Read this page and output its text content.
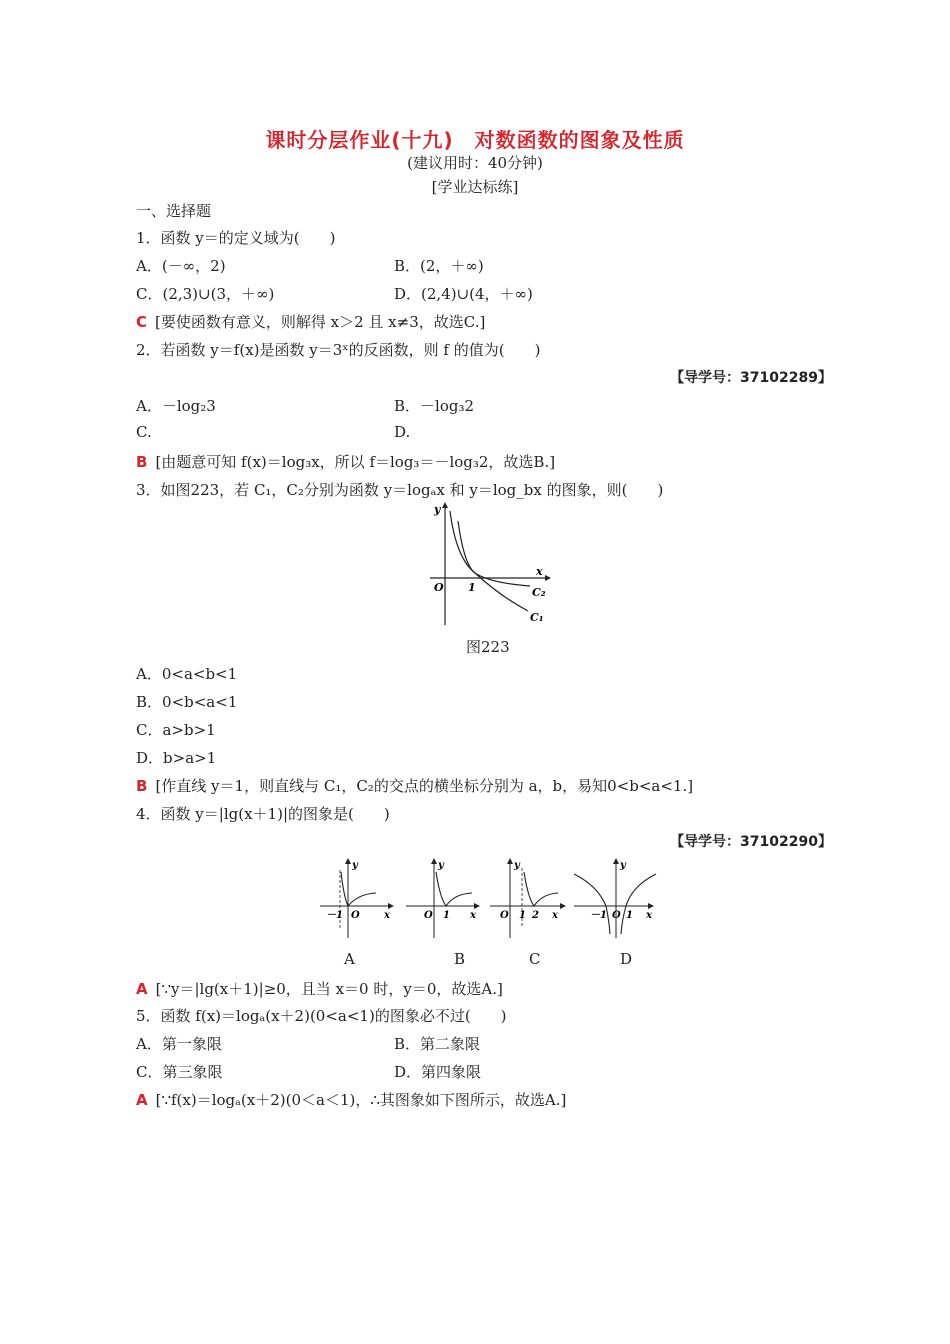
课时分层作业(十九)　对数函数的图象及性质
(建议用时：40分钟)
[学业达标练]
一、选择题
1．函数 y＝的定义域为(　　)
A．(－∞，2)	B．(2，＋∞)
C．(2,3)∪(3，＋∞)	D．(2,4)∪(4，＋∞)
C [要使函数有意义，则解得 x＞2 且 x≠3，故选C.]
2．若函数 y＝f(x)是函数 y＝3ˣ的反函数，则 f 的值为(　　)
【导学号：37102289】
A．－log₂3	B．－log₃2
C.	D.
B [由题意可知 f(x)＝log₃x，所以 f＝log₃＝－log₃2，故选B.]
3．如图223，若 C₁，C₂分别为函数 y＝logₐx 和 y＝log_bx 的图象，则(　　)
y
x
O 1	C₂
C₁
图223
A．0<a<b<1
B．0<b<a<1
C．a>b>1
D．b>a>1
B [作直线 y＝1，则直线与 C₁，C₂的交点的横坐标分别为 a，b，易知0<b<a<1.]
4．函数 y＝|lg(x＋1)|的图象是(　　)
【导学号：37102290】
y
x
O
－1
y
x
O 1
y
x
O 1 2
y
x
O
－1 1
A	B	C	D
A [∵y＝|lg(x＋1)|≥0，且当 x＝0 时，y＝0，故选A.]
5．函数 f(x)＝logₐ(x＋2)(0<a<1)的图象必不过(　　)
A．第一象限	B．第二象限
C．第三象限	D．第四象限
A [∵f(x)＝logₐ(x＋2)(0＜a＜1)，∴其图象如下图所示，故选A.]
